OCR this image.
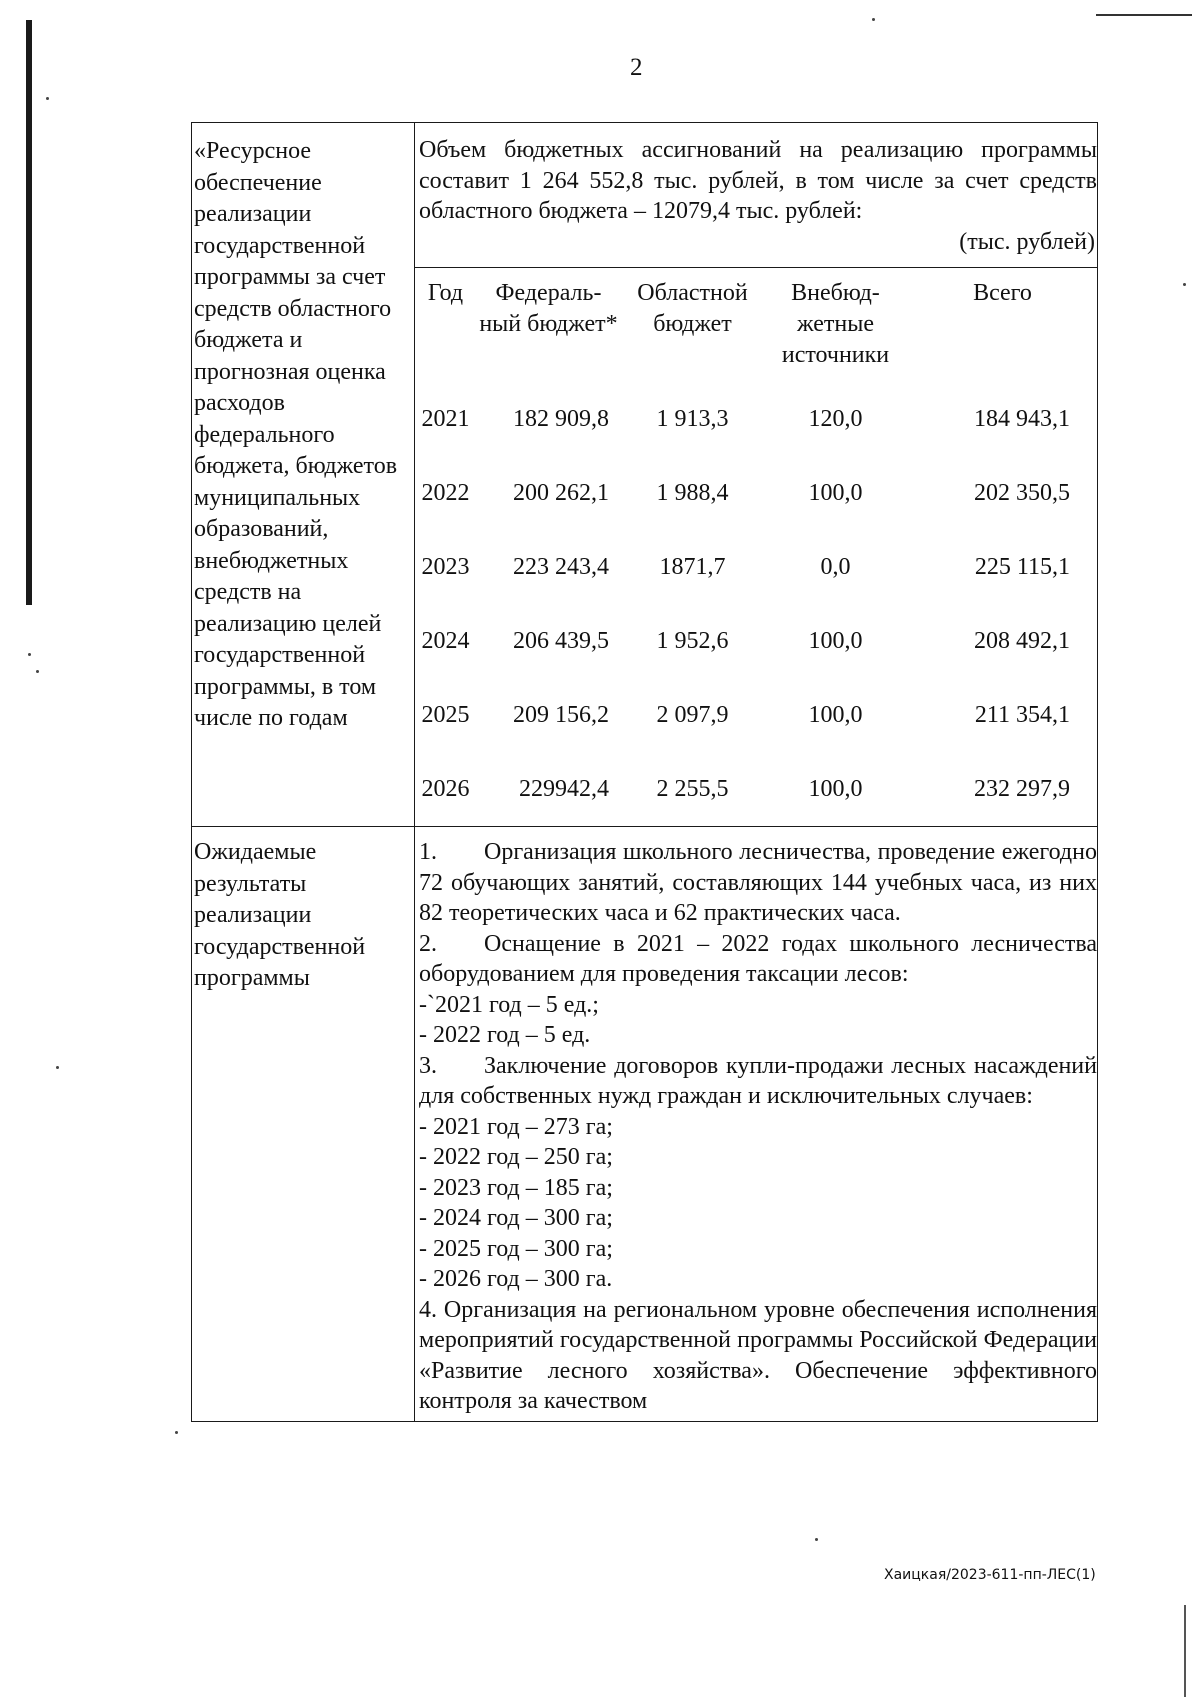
2
«Ресурсное обеспечение реализации государственной программы за счет средств областного бюджета и прогнозная оценка расходов федерального бюджета, бюджетов муниципальных образований, внебюджетных средств на реализацию целей государственной программы, в том числе по годам

Объем бюджетных ассигнований на реализацию программы составит 1 264 552,8 тыс. рублей, в том числе за счет средств областного бюджета – 12079,4 тыс. рублей:
(тыс. рублей)
Год	Федераль-ный бюджет*	Областной бюджет	Внебюд-жетные источники	Всего
2021	182 909,8	1 913,3	120,0	184 943,1
2022	200 262,1	1 988,4	100,0	202 350,5
2023	223 243,4	1871,7	0,0	225 115,1
2024	206 439,5	1 952,6	100,0	208 492,1
2025	209 156,2	2 097,9	100,0	211 354,1
2026	229942,4	2 255,5	100,0	232 297,9

Ожидаемые результаты реализации государственной программы

1. Организация школьного лесничества, проведение ежегодно 72 обучающих занятий, составляющих 144 учебных часа, из них 82 теоретических часа и 62 практических часа.

2. Оснащение в 2021 – 2022 годах школьного лесничества оборудованием для проведения таксации лесов:

-`2021 год – 5 ед.;

- 2022 год – 5 ед.

3. Заключение договоров купли-продажи лесных насаждений для собственных нужд граждан и исключительных случаев:

- 2021 год – 273 га;

- 2022 год – 250 га;

- 2023 год – 185 га;

- 2024 год – 300 га;

- 2025 год – 300 га;

- 2026 год – 300 га.

4. Организация на региональном уровне обеспечения исполнения мероприятий государственной программы Российской Федерации «Развитие лесного хозяйства». Обеспечение эффективного контроля за качеством

Хаицкая/2023-611-пп-ЛЕС(1)
